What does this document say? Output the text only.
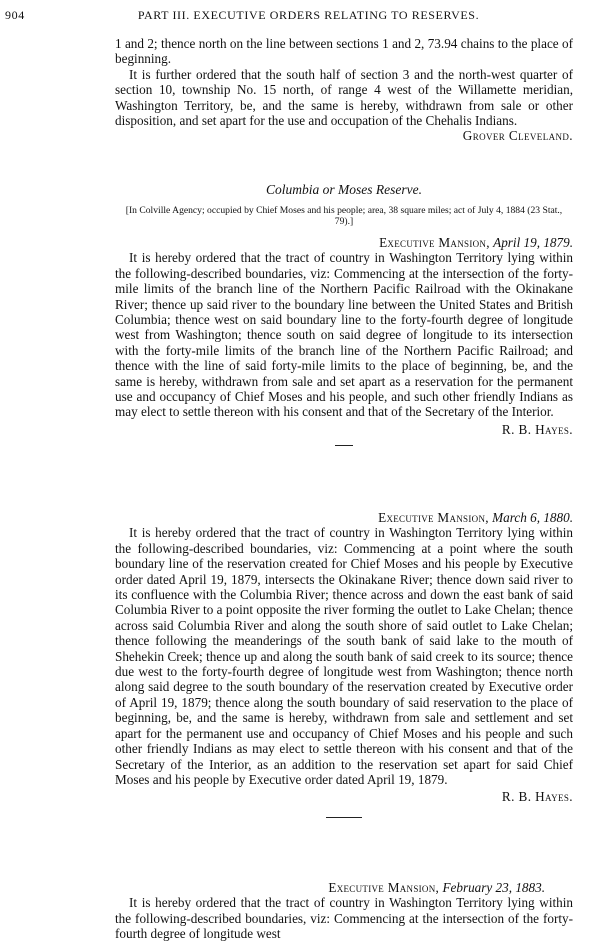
904	PART III. EXECUTIVE ORDERS RELATING TO RESERVES.

1 and 2; thence north on the line between sections 1 and 2, 73.94 chains to the place of beginning.

It is further ordered that the south half of section 3 and the north-west quarter of section 10, township No. 15 north, of range 4 west of the Willamette meridian, Washington Territory, be, and the same is hereby, withdrawn from sale or other disposition, and set apart for the use and occupation of the Chehalis Indians.

Grover Cleveland.

Columbia or Moses Reserve.

[In Colville Agency; occupied by Chief Moses and his people; area, 38 square miles; act of July 4, 1884 (23 Stat., 79).]

Executive Mansion, April 19, 1879.

It is hereby ordered that the tract of country in Washington Territory lying within the following-described boundaries, viz: Commencing at the intersection of the forty-mile limits of the branch line of the Northern Pacific Railroad with the Okinakane River; thence up said river to the boundary line between the United States and British Columbia; thence west on said boundary line to the forty-fourth degree of longitude west from Washington; thence south on said degree of longitude to its intersection with the forty-mile limits of the branch line of the Northern Pacific Railroad; and thence with the line of said forty-mile limits to the place of beginning, be, and the same is hereby, withdrawn from sale and set apart as a reservation for the permanent use and occupancy of Chief Moses and his people, and such other friendly Indians as may elect to settle thereon with his consent and that of the Secretary of the Interior.

R. B. Hayes.

Executive Mansion, March 6, 1880.

It is hereby ordered that the tract of country in Washington Territory lying within the following-described boundaries, viz: Commencing at a point where the south boundary line of the reservation created for Chief Moses and his people by Executive order dated April 19, 1879, intersects the Okinakane River; thence down said river to its confluence with the Columbia River; thence across and down the east bank of said Columbia River to a point opposite the river forming the outlet to Lake Chelan; thence across said Columbia River and along the south shore of said outlet to Lake Chelan; thence following the meanderings of the south bank of said lake to the mouth of Shehekin Creek; thence up and along the south bank of said creek to its source; thence due west to the forty-fourth degree of longitude west from Washington; thence north along said degree to the south boundary of the reservation created by Executive order of April 19, 1879; thence along the south boundary of said reservation to the place of beginning, be, and the same is hereby, withdrawn from sale and settlement and set apart for the permanent use and occupancy of Chief Moses and his people and such other friendly Indians as may elect to settle thereon with his consent and that of the Secretary of the Interior, as an addition to the reservation set apart for said Chief Moses and his people by Executive order dated April 19, 1879.

R. B. Hayes.

Executive Mansion, February 23, 1883.

It is hereby ordered that the tract of country in Washington Territory lying within the following-described boundaries, viz: Commencing at the intersection of the forty-fourth degree of longitude west
